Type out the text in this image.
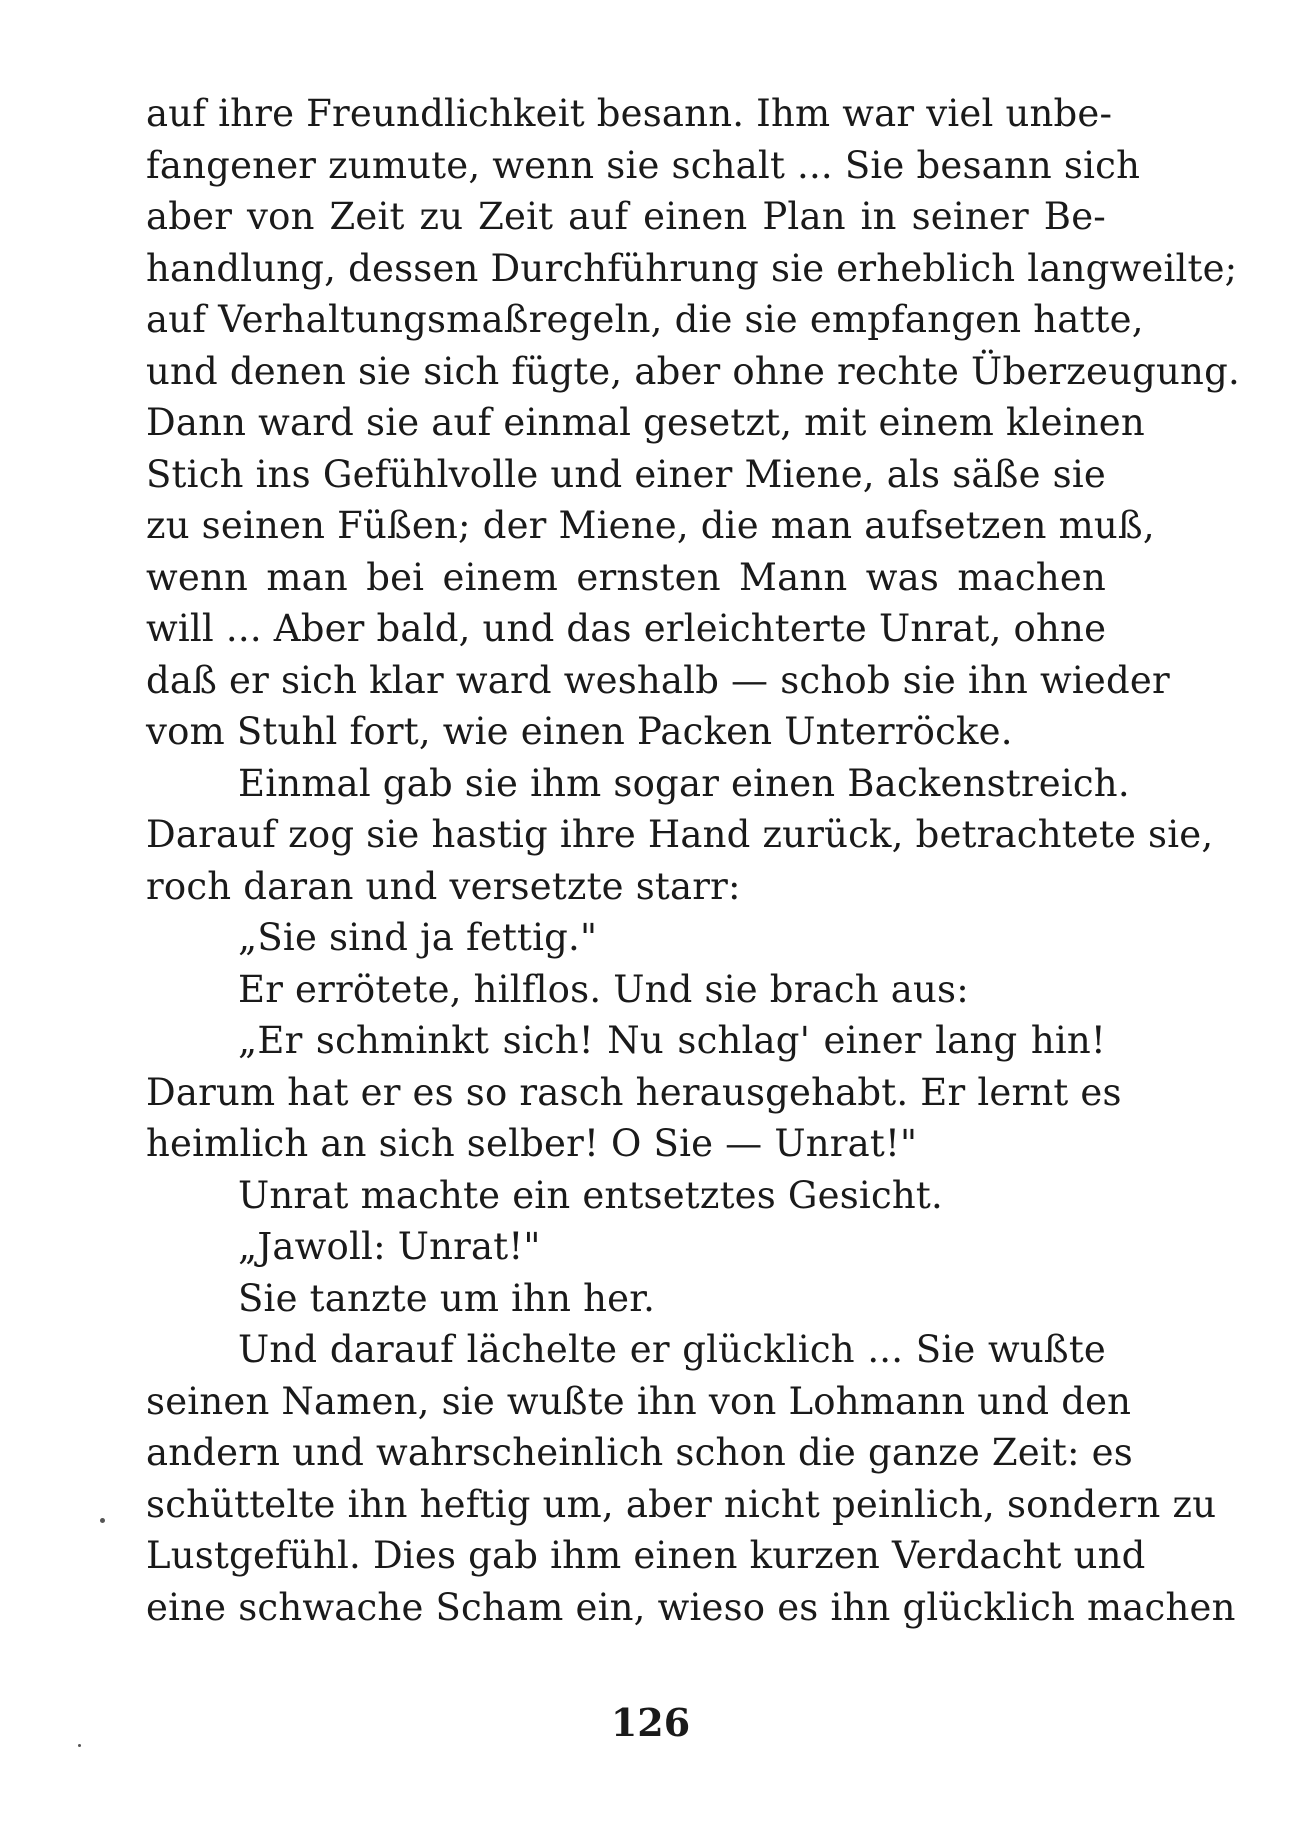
auf ihre Freundlichkeit besann. Ihm war viel unbe-
fangener zumute, wenn sie schalt ... Sie besann sich
aber von Zeit zu Zeit auf einen Plan in seiner Be-
handlung, dessen Durchführung sie erheblich langweilte;
auf Verhaltungsmaßregeln, die sie empfangen hatte,
und denen sie sich fügte, aber ohne rechte Überzeugung.
Dann ward sie auf einmal gesetzt, mit einem kleinen
Stich ins Gefühlvolle und einer Miene, als säße sie
zu seinen Füßen; der Miene, die man aufsetzen muß,
wenn man bei einem ernsten Mann was machen
will ... Aber bald, und das erleichterte Unrat, ohne
daß er sich klar ward weshalb — schob sie ihn wieder
vom Stuhl fort, wie einen Packen Unterröcke.
Einmal gab sie ihm sogar einen Backenstreich.
Darauf zog sie hastig ihre Hand zurück, betrachtete sie,
roch daran und versetzte starr:
„Sie sind ja fettig."
Er errötete, hilflos. Und sie brach aus:
„Er schminkt sich! Nu schlag' einer lang hin!
Darum hat er es so rasch herausgehabt. Er lernt es
heimlich an sich selber! O Sie — Unrat!"
Unrat machte ein entsetztes Gesicht.
„Jawoll: Unrat!"
Sie tanzte um ihn her.
Und darauf lächelte er glücklich ... Sie wußte
seinen Namen, sie wußte ihn von Lohmann und den
andern und wahrscheinlich schon die ganze Zeit: es
schüttelte ihn heftig um, aber nicht peinlich, sondern zu
Lustgefühl. Dies gab ihm einen kurzen Verdacht und
eine schwache Scham ein, wieso es ihn glücklich machen
126
